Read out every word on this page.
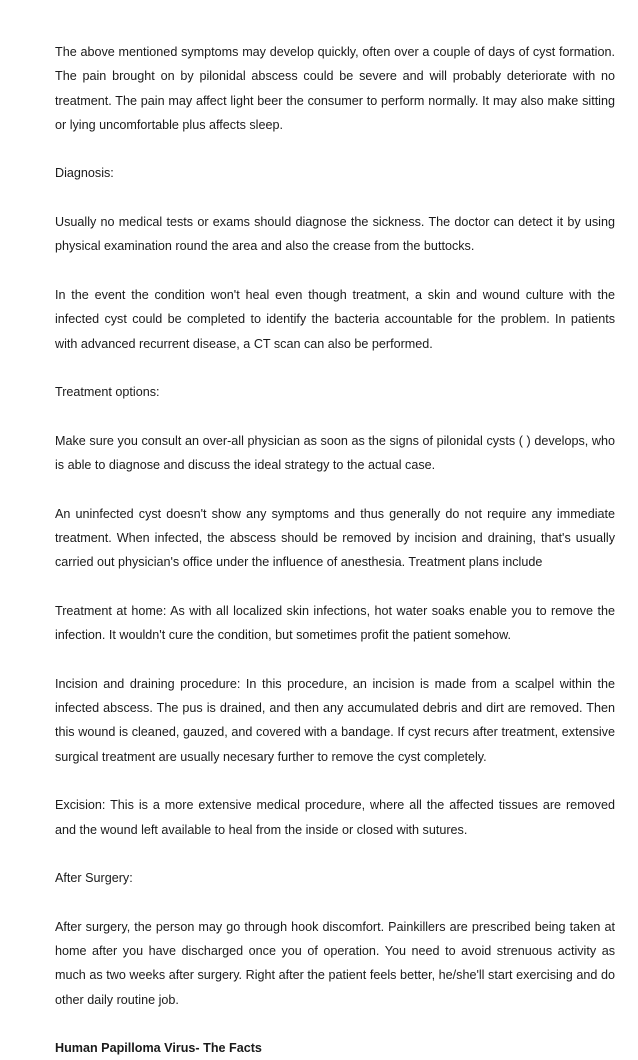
The above mentioned symptoms may develop quickly, often over a couple of days of cyst formation. The pain brought on by pilonidal abscess could be severe and will probably deteriorate with no treatment. The pain may affect light beer the consumer to perform normally. It may also make sitting or lying uncomfortable plus affects sleep.

Diagnosis:

Usually no medical tests or exams should diagnose the sickness. The doctor can detect it by using physical examination round the area and also the crease from the buttocks.

In the event the condition won't heal even though treatment, a skin and wound culture with the infected cyst could be completed to identify the bacteria accountable for the problem. In patients with advanced recurrent disease, a CT scan can also be performed.

Treatment options:

Make sure you consult an over-all physician as soon as the signs of pilonidal cysts ( ) develops, who is able to diagnose and discuss the ideal strategy to the actual case.

An uninfected cyst doesn't show any symptoms and thus generally do not require any immediate treatment. When infected, the abscess should be removed by incision and draining, that's usually carried out physician's office under the influence of anesthesia. Treatment plans include

Treatment at home: As with all localized skin infections, hot water soaks enable you to remove the infection. It wouldn't cure the condition, but sometimes profit the patient somehow.

Incision and draining procedure: In this procedure, an incision is made from a scalpel within the infected abscess. The pus is drained, and then any accumulated debris and dirt are removed. Then this wound is cleaned, gauzed, and covered with a bandage. If cyst recurs after treatment, extensive surgical treatment are usually necesary further to remove the cyst completely.

Excision: This is a more extensive medical procedure, where all the affected tissues are removed and the wound left available to heal from the inside or closed with sutures.

After Surgery:

After surgery, the person may go through hook discomfort. Painkillers are prescribed being taken at home after you have discharged once you of operation. You need to avoid strenuous activity as much as two weeks after surgery. Right after the patient feels better, he/she'll start exercising and do other daily routine job.

Human Papilloma Virus- The Facts
